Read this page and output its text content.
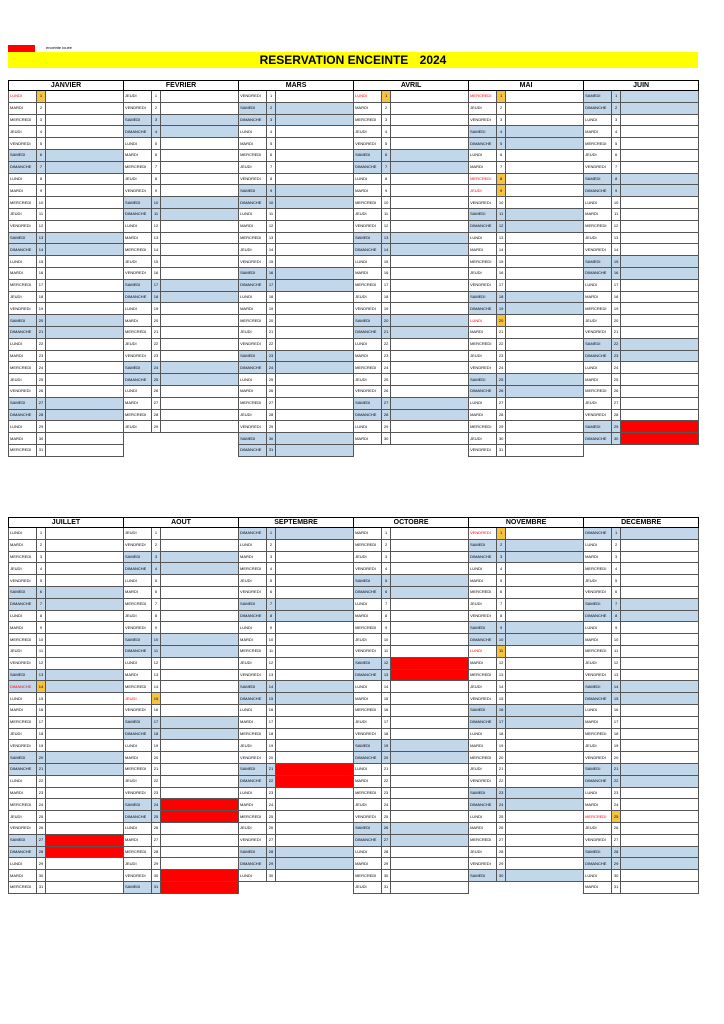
enceinte louée
RESERVATION ENCEINTE 2024
JANVIER			FEVRIER			MARS			AVRIL			MAI			JUIN		
LUNDI	1		JEUDI	1		VENDREDI	1		LUNDI	1		MERCREDI	1		SAMEDI	1	
MARDI	2		VENDREDI	2		SAMEDI	2		MARDI	2		JEUDI	2		DIMANCHE	2	
MERCREDI	3		SAMEDI	3		DIMANCHE	3		MERCREDI	3		VENDREDI	3		LUNDI	3	
JEUDI	4		DIMANCHE	4		LUNDI	4		JEUDI	4		SAMEDI	4		MARDI	4	
VENDREDI	5		LUNDI	5		MARDI	5		VENDREDI	5		DIMANCHE	5		MERCREDI	5	
SAMEDI	6		MARDI	6		MERCREDI	6		SAMEDI	6		LUNDI	6		JEUDI	6	
DIMANCHE	7		MERCREDI	7		JEUDI	7		DIMANCHE	7		MARDI	7		VENDREDI	7	
LUNDI	8		JEUDI	8		VENDREDI	8		LUNDI	8		MERCREDI	8		SAMEDI	8	
MARDI	9		VENDREDI	9		SAMEDI	9		MARDI	9		JEUDI	9		DIMANCHE	9	
MERCREDI	10		SAMEDI	10		DIMANCHE	10		MERCREDI	10		VENDREDI	10		LUNDI	10	
JEUDI	11		DIMANCHE	11		LUNDI	11		JEUDI	11		SAMEDI	11		MARDI	11	
VENDREDI	12		LUNDI	12		MARDI	12		VENDREDI	12		DIMANCHE	12		MERCREDI	12	
SAMEDI	13		MARDI	13		MERCREDI	13		SAMEDI	13		LUNDI	13		JEUDI	13	
DIMANCHE	14		MERCREDI	14		JEUDI	14		DIMANCHE	14		MARDI	14		VENDREDI	14	
LUNDI	15		JEUDI	15		VENDREDI	15		LUNDI	15		MERCREDI	15		SAMEDI	15	
MARDI	16		VENDREDI	16		SAMEDI	16		MARDI	16		JEUDI	16		DIMANCHE	16	
MERCREDI	17		SAMEDI	17		DIMANCHE	17		MERCREDI	17		VENDREDI	17		LUNDI	17	
JEUDI	18		DIMANCHE	18		LUNDI	18		JEUDI	18		SAMEDI	18		MARDI	18	
VENDREDI	19		LUNDI	19		MARDI	19		VENDREDI	19		DIMANCHE	19		MERCREDI	19	
SAMEDI	20		MARDI	20		MERCREDI	20		SAMEDI	20		LUNDI	20		JEUDI	20	
DIMANCHE	21		MERCREDI	21		JEUDI	21		DIMANCHE	21		MARDI	21		VENDREDI	21	
LUNDI	22		JEUDI	22		VENDREDI	22		LUNDI	22		MERCREDI	22		SAMEDI	22	
MARDI	23		VENDREDI	23		SAMEDI	23		MARDI	23		JEUDI	23		DIMANCHE	23	
MERCREDI	24		SAMEDI	24		DIMANCHE	24		MERCREDI	24		VENDREDI	24		LUNDI	24	
JEUDI	25		DIMANCHE	25		LUNDI	25		JEUDI	25		SAMEDI	25		MARDI	25	
VENDREDI	26		LUNDI	26		MARDI	26		VENDREDI	26		DIMANCHE	26		MERCREDI	26	
SAMEDI	27		MARDI	27		MERCREDI	27		SAMEDI	27		LUNDI	27		JEUDI	27	
DIMANCHE	28		MERCREDI	28		JEUDI	28		DIMANCHE	28		MARDI	28		VENDREDI	28	
LUNDI	29		JEUDI	29		VENDREDI	29		LUNDI	29		MERCREDI	29		SAMEDI	29	
MARDI	30					SAMEDI	30		MARDI	30		JEUDI	30		DIMANCHE	30	
MERCREDI	31					DIMANCHE	31					VENDREDI	31				
JUILLET			AOUT			SEPTEMBRE			OCTOBRE			NOVEMBRE			DECEMBRE		
LUNDI	1		JEUDI	1		DIMANCHE	1		MARDI	1		VENDREDI	1		DIMANCHE	1	
MARDI	2		VENDREDI	2		LUNDI	2		MERCREDI	2		SAMEDI	2		LUNDI	2	
MERCREDI	3		SAMEDI	3		MARDI	3		JEUDI	3		DIMANCHE	3		MARDI	3	
JEUDI	4		DIMANCHE	4		MERCREDI	4		VENDREDI	4		LUNDI	4		MERCREDI	4	
VENDREDI	5		LUNDI	5		JEUDI	5		SAMEDI	5		MARDI	5		JEUDI	5	
SAMEDI	6		MARDI	6		VENDREDI	6		DIMANCHE	6		MERCREDI	6		VENDREDI	6	
DIMANCHE	7		MERCREDI	7		SAMEDI	7		LUNDI	7		JEUDI	7		SAMEDI	7	
LUNDI	8		JEUDI	8		DIMANCHE	8		MARDI	8		VENDREDI	8		DIMANCHE	8	
MARDI	9		VENDREDI	9		LUNDI	9		MERCREDI	9		SAMEDI	9		LUNDI	9	
MERCREDI	10		SAMEDI	10		MARDI	10		JEUDI	10		DIMANCHE	10		MARDI	10	
JEUDI	11		DIMANCHE	11		MERCREDI	11		VENDREDI	11		LUNDI	11		MERCREDI	11	
VENDREDI	12		LUNDI	12		JEUDI	12		SAMEDI	12		MARDI	12		JEUDI	12	
SAMEDI	13		MARDI	13		VENDREDI	13		DIMANCHE	13		MERCREDI	13		VENDREDI	13	
DIMANCHE	14		MERCREDI	14		SAMEDI	14		LUNDI	14		JEUDI	14		SAMEDI	14	
LUNDI	15		JEUDI	15		DIMANCHE	15		MARDI	15		VENDREDI	15		DIMANCHE	15	
MARDI	16		VENDREDI	16		LUNDI	16		MERCREDI	16		SAMEDI	16		LUNDI	16	
MERCREDI	17		SAMEDI	17		MARDI	17		JEUDI	17		DIMANCHE	17		MARDI	17	
JEUDI	18		DIMANCHE	18		MERCREDI	18		VENDREDI	18		LUNDI	18		MERCREDI	18	
VENDREDI	19		LUNDI	19		JEUDI	19		SAMEDI	19		MARDI	19		JEUDI	19	
SAMEDI	20		MARDI	20		VENDREDI	20		DIMANCHE	20		MERCREDI	20		VENDREDI	20	
DIMANCHE	21		MERCREDI	21		SAMEDI	21		LUNDI	21		JEUDI	21		SAMEDI	21	
LUNDI	22		JEUDI	22		DIMANCHE	22		MARDI	22		VENDREDI	22		DIMANCHE	22	
MARDI	23		VENDREDI	23		LUNDI	23		MERCREDI	23		SAMEDI	23		LUNDI	23	
MERCREDI	24		SAMEDI	24		MARDI	24		JEUDI	24		DIMANCHE	24		MARDI	24	
JEUDI	25		DIMANCHE	25		MERCREDI	25		VENDREDI	25		LUNDI	25		MERCREDI	25	
VENDREDI	26		LUNDI	26		JEUDI	26		SAMEDI	26		MARDI	26		JEUDI	26	
SAMEDI	27		MARDI	27		VENDREDI	27		DIMANCHE	27		MERCREDI	27		VENDREDI	27	
DIMANCHE	28		MERCREDI	28		SAMEDI	28		LUNDI	28		JEUDI	28		SAMEDI	28	
LUNDI	29		JEUDI	29		DIMANCHE	29		MARDI	29		VENDREDI	29		DIMANCHE	29	
MARDI	30		VENDREDI	30		LUNDI	30		MERCREDI	30		SAMEDI	30		LUNDI	30	
MERCREDI	31		SAMEDI	31					JEUDI	31					MARDI	31	
